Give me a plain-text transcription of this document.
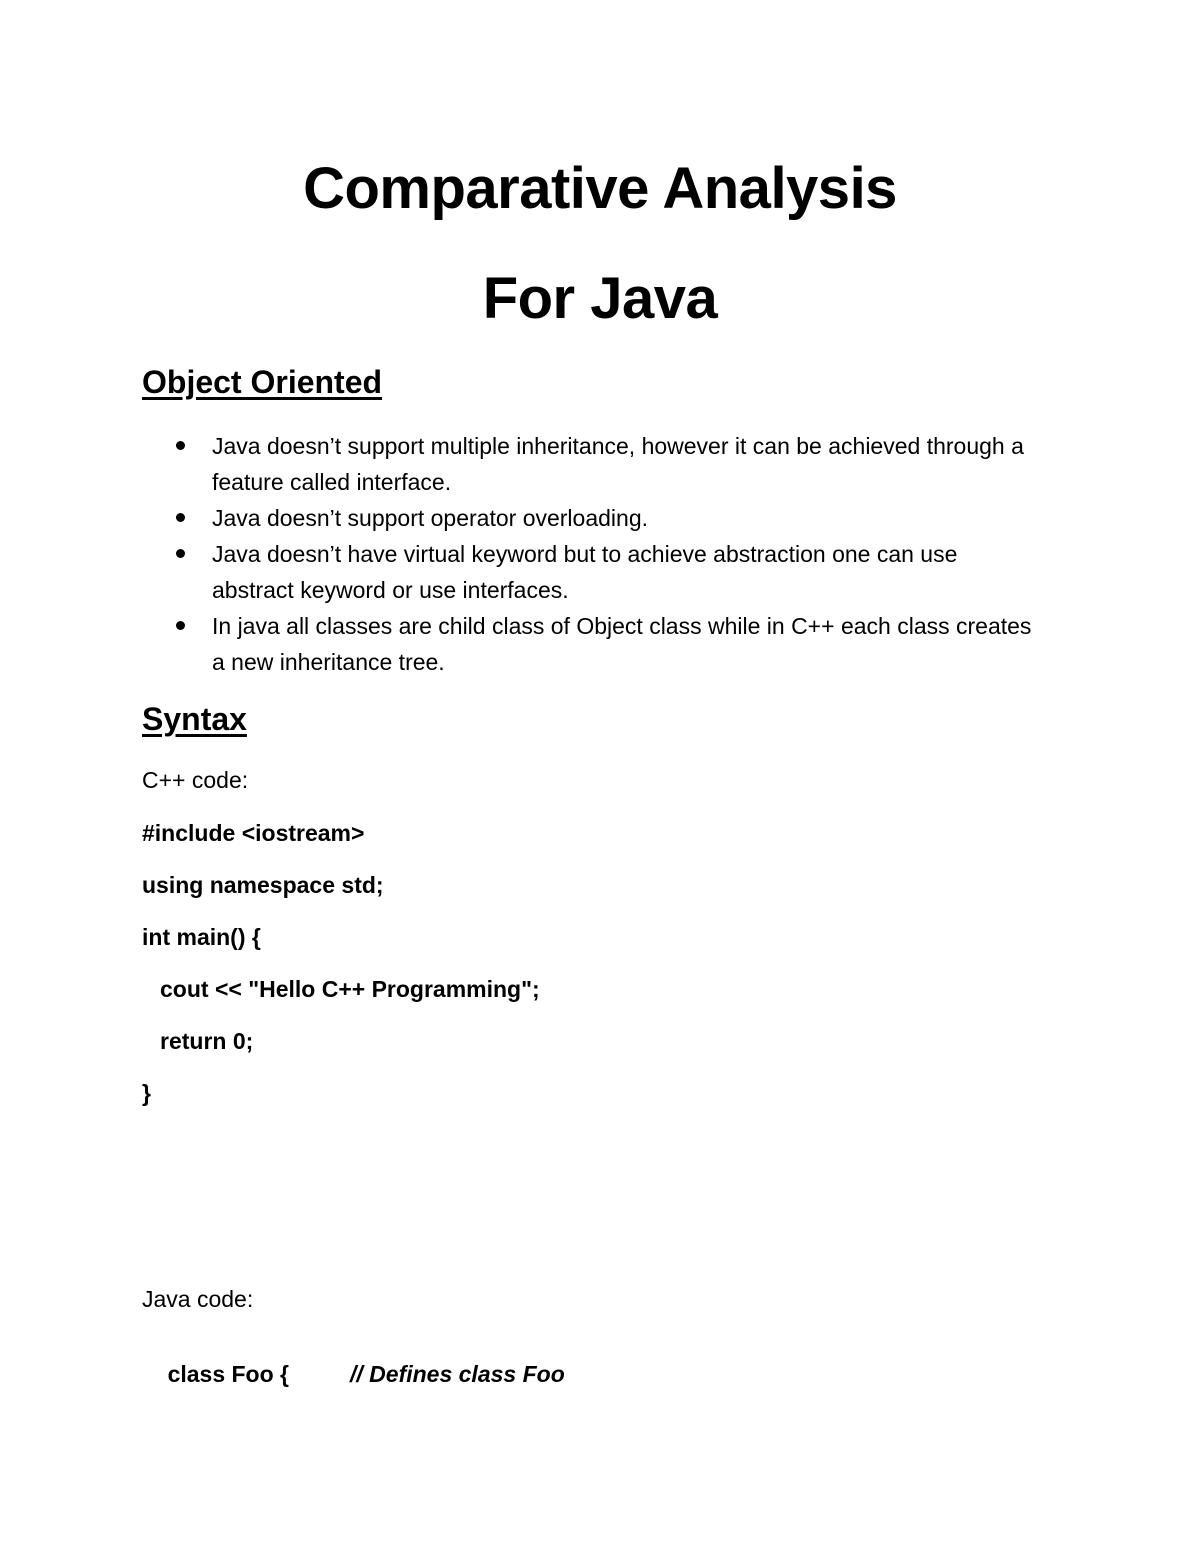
Comparative Analysis
For Java
Object Oriented
Java doesn’t support multiple inheritance, however it can be achieved through a feature called interface.
Java doesn’t support operator overloading.
Java doesn’t have virtual keyword but to achieve abstraction one can use abstract keyword or use interfaces.
In java all classes are child class of Object class while in C++ each class creates a new inheritance tree.
Syntax
C++ code:
#include <iostream>
using namespace std;
int main() {
cout << "Hello C++ Programming";
return 0;
}
Java code:

class Foo {

	// Defines class Foo
